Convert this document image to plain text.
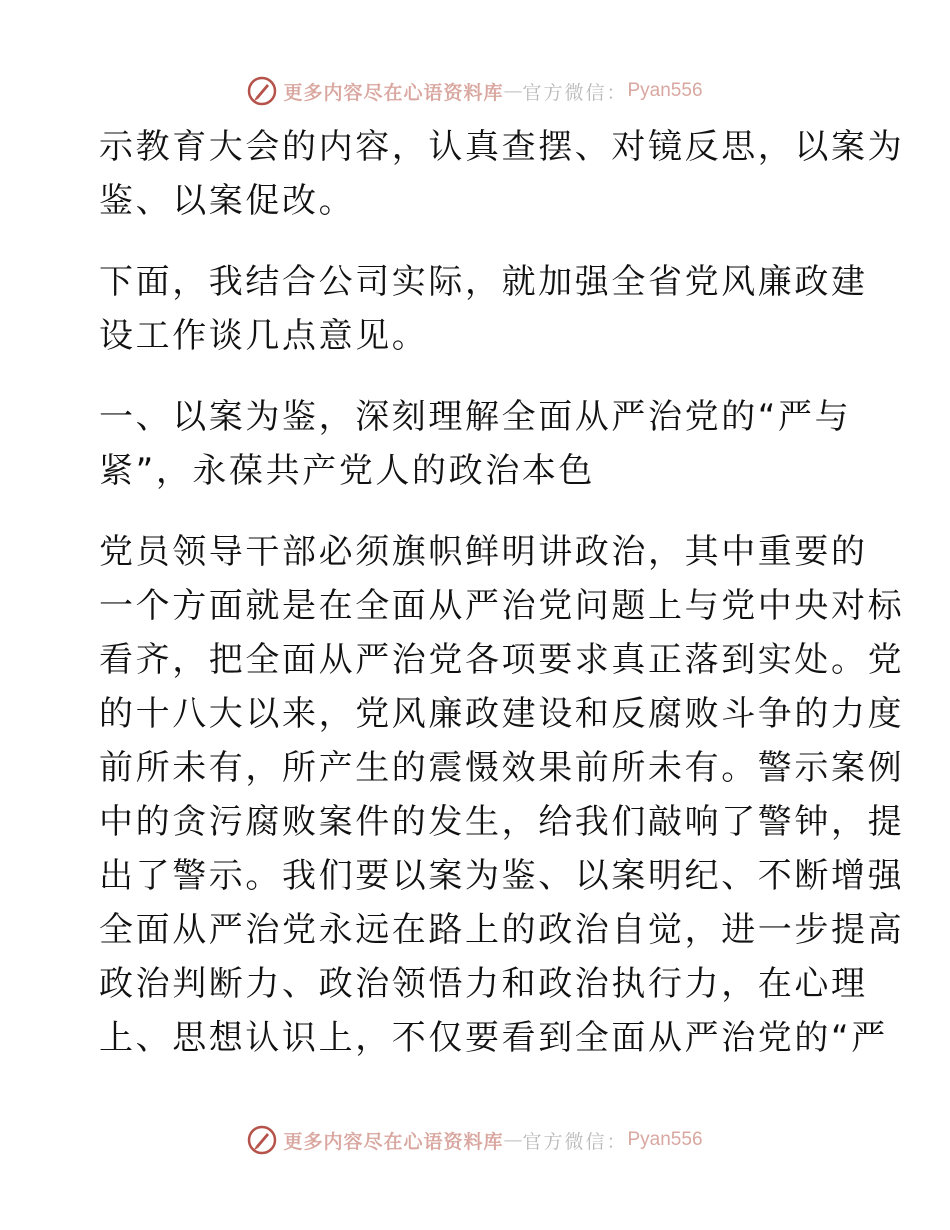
更多内容尽在心语资料库 — 官方微信： Pyan556
示教育大会的内容，认真查摆、对镜反思，以案为
鉴、以案促改。
下面，我结合公司实际，就加强全省党风廉政建
设工作谈几点意见。
一、以案为鉴，深刻理解全面从严治党的“严与
紧”，永葆共产党人的政治本色
党员领导干部必须旗帜鲜明讲政治，其中重要的
一个方面就是在全面从严治党问题上与党中央对标
看齐，把全面从严治党各项要求真正落到实处。党
的十八大以来，党风廉政建设和反腐败斗争的力度
前所未有，所产生的震慑效果前所未有。警示案例
中的贪污腐败案件的发生，给我们敲响了警钟，提
出了警示。我们要以案为鉴、以案明纪、不断增强
全面从严治党永远在路上的政治自觉，进一步提高
政治判断力、政治领悟力和政治执行力，在心理
上、思想认识上，不仅要看到全面从严治党的“严
更多内容尽在心语资料库 — 官方微信： Pyan556
